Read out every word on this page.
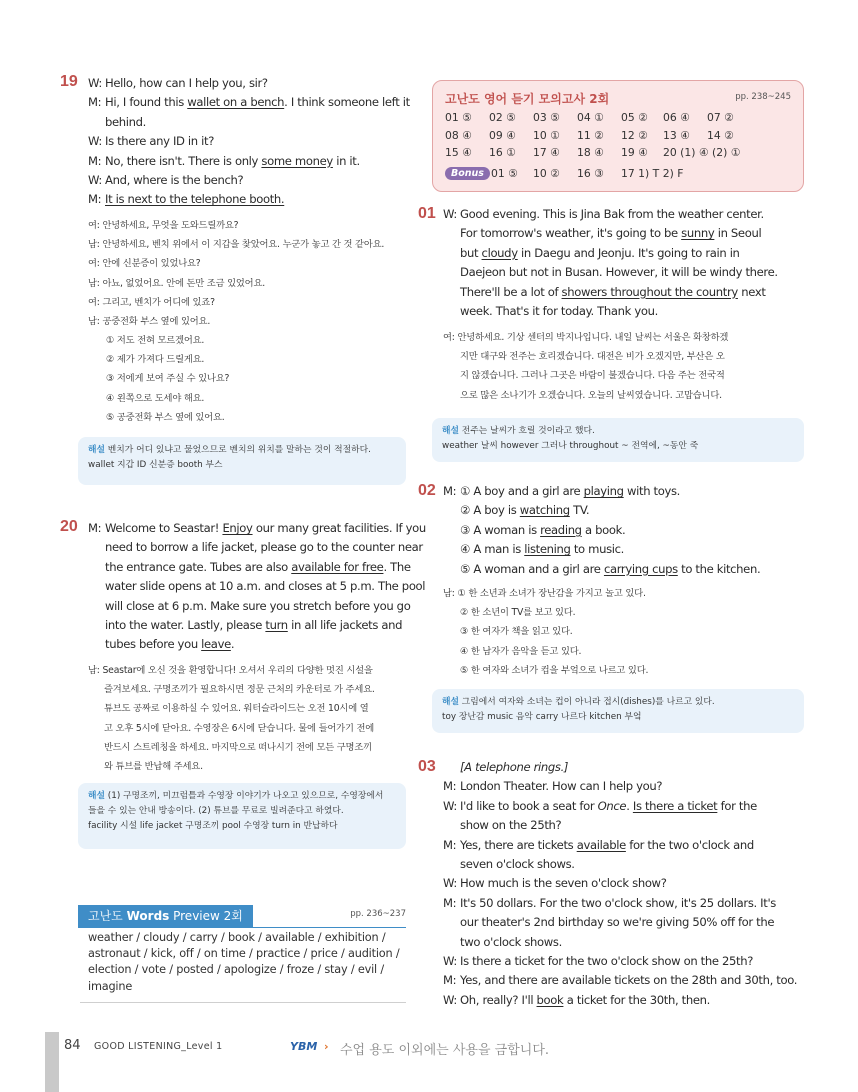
19 W: Hello, how can I help you, sir?
M: Hi, I found this wallet on a bench. I think someone left it
behind.
W: Is there any ID in it?
M: No, there isn't. There is only some money in it.
W: And, where is the bench?
M: It is next to the telephone booth.
여: 안녕하세요, 무엇을 도와드릴까요?
남: 안녕하세요, 벤치 위에서 이 지갑을 찾았어요. 누군가 놓고 간 것 같아요.
여: 안에 신분증이 있었나요?
남: 아뇨, 없었어요. 안에 돈만 조금 있었어요.
여: 그리고, 벤치가 어디에 있죠?
남: 공중전화 부스 옆에 있어요.
① 저도 전혀 모르겠어요.
② 제가 가져다 드릴게요.
③ 저에게 보여 주실 수 있나요?
④ 왼쪽으로 도세야 해요.
⑤ 공중전화 부스 옆에 있어요.
해설 벤치가 어디 있냐고 물었으므로 벤치의 위치를 말하는 것이 적절하다.
wallet 지갑 ID 신분증 booth 부스
20 M: Welcome to Seastar! Enjoy our many great facilities. If you
need to borrow a life jacket, please go to the counter near
the entrance gate. Tubes are also available for free. The
water slide opens at 10 a.m. and closes at 5 p.m. The pool
will close at 6 p.m. Make sure you stretch before you go
into the water. Lastly, please turn in all life jackets and
tubes before you leave.
남: Seastar에 오신 것을 환영합니다! 오셔서 우리의 다양한 멋진 시설을
즐겨보세요. 구명조끼가 필요하시면 정문 근처의 카운터로 가 주세요.
튜브도 공짜로 이용하실 수 있어요. 워터슬라이드는 오전 10시에 열
고 오후 5시에 닫아요. 수영장은 6시에 닫습니다. 물에 들어가기 전에
반드시 스트레칭을 하세요. 마지막으로 떠나시기 전에 모든 구명조끼
와 튜브를 반납해 주세요.
해설 (1) 구명조끼, 미끄럼틀과 수영장 이야기가 나오고 있으므로, 수영장에서
들을 수 있는 안내 방송이다. (2) 튜브를 무료로 빌려준다고 하였다.
facility 시설 life jacket 구명조끼 pool 수영장 turn in 반납하다
고난도 Words Preview 2회	pp. 236~237
weather / cloudy / carry / book / available / exhibition / astronaut / kick, off / on time / practice / price / audition / election / vote / posted / apologize / froze / stay / evil / imagine
고난도 영어 듣기 모의고사 2회	pp. 238~245
01 ⑤ 02 ⑤ 03 ⑤ 04 ① 05 ② 06 ④ 07 ②
08 ④ 09 ④ 10 ① 11 ② 12 ② 13 ④ 14 ②
15 ④ 16 ① 17 ④ 18 ④ 19 ④ 20 (1) ④ (2) ①
Bonus 01 ⑤ 10 ② 16 ③ 17 1) T 2) F
01 W: Good evening. This is Jina Bak from the weather center.
For tomorrow's weather, it's going to be sunny in Seoul
but cloudy in Daegu and Jeonju. It's going to rain in
Daejeon but not in Busan. However, it will be windy there.
There'll be a lot of showers throughout the country next
week. That's it for today. Thank you.
여: 안녕하세요. 기상 센터의 박지나입니다. 내일 날씨는 서울은 화창하겠
지만 대구와 전주는 흐리겠습니다. 대전은 비가 오겠지만, 부산은 오
지 않겠습니다. 그러나 그곳은 바람이 불겠습니다. 다음 주는 전국적
으로 많은 소나기가 오겠습니다. 오늘의 날씨였습니다. 고맙습니다.
해설 전주는 날씨가 흐릴 것이라고 했다.
weather 날씨 however 그러나 throughout ~ 전역에, ~동안 죽
02 M: ① A boy and a girl are playing with toys.
② A boy is watching TV.
③ A woman is reading a book.
④ A man is listening to music.
⑤ A woman and a girl are carrying cups to the kitchen.
남: ① 한 소년과 소녀가 장난감을 가지고 놀고 있다.
② 한 소년이 TV를 보고 있다.
③ 한 여자가 책을 읽고 있다.
④ 한 남자가 음악을 듣고 있다.
⑤ 한 여자와 소녀가 컵을 부엌으로 나르고 있다.
해설 그림에서 여자와 소녀는 컵이 아니라 접시(dishes)를 나르고 있다.
toy 장난감 music 음악 carry 나르다 kitchen 부엌
03	[A telephone rings.]
M: London Theater. How can I help you?
W: I'd like to book a seat for Once. Is there a ticket for the
show on the 25th?
M: Yes, there are tickets available for the two o'clock and
seven o'clock shows.
W: How much is the seven o'clock show?
M: It's 50 dollars. For the two o'clock show, it's 25 dollars. It's
our theater's 2nd birthday so we're giving 50% off for the
two o'clock shows.
W: Is there a ticket for the two o'clock show on the 25th?
M: Yes, and there are available tickets on the 28th and 30th, too.
W: Oh, really? I'll book a ticket for the 30th, then.
84 GOOD LISTENING_Level 1	YBM › 수업 용도 이외에는 사용을 금합니다.
